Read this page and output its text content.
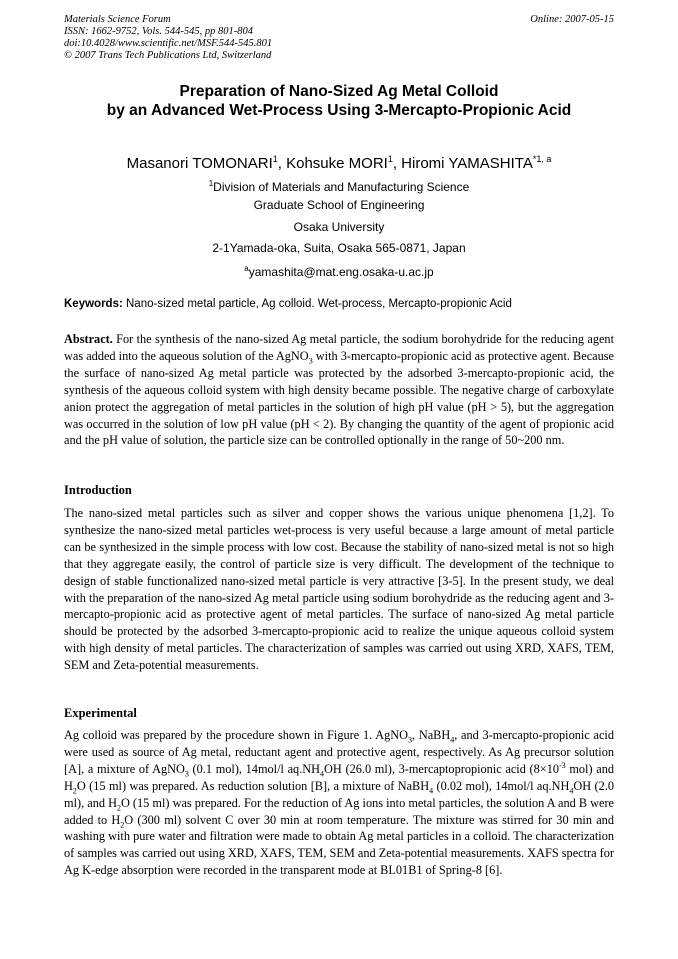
Materials Science Forum
ISSN: 1662-9752, Vols. 544-545, pp 801-804
doi:10.4028/www.scientific.net/MSF.544-545.801
© 2007 Trans Tech Publications Ltd, Switzerland
Online: 2007-05-15
Preparation of Nano-Sized Ag Metal Colloid
by an Advanced Wet-Process Using 3-Mercapto-Propionic Acid
Masanori TOMONARI$^1$, Kohsuke MORI$^1$, Hiromi YAMASHITA$^{*1, a}$
$^1$Division of Materials and Manufacturing Science
Graduate School of Engineering
Osaka University
2-1Yamada-oka, Suita, Osaka 565-0871, Japan
$^a$yamashita@mat.eng.osaka-u.ac.jp
Keywords: Nano-sized metal particle, Ag colloid. Wet-process, Mercapto-propionic Acid
Abstract. For the synthesis of the nano-sized Ag metal particle, the sodium borohydride for the reducing agent was added into the aqueous solution of the AgNO$_3$ with 3-mercapto-propionic acid as protective agent. Because the surface of nano-sized Ag metal particle was protected by the adsorbed 3-mercapto-propionic acid, the synthesis of the aqueous colloid system with high density became possible. The negative charge of carboxylate anion protect the aggregation of metal particles in the solution of high pH value (pH > 5), but the aggregation was occurred in the solution of low pH value (pH < 2). By changing the quantity of the agent of propionic acid and the pH value of solution, the particle size can be controlled optionally in the range of 50~200 nm.
Introduction
The nano-sized metal particles such as silver and copper shows the various unique phenomena [1,2]. To synthesize the nano-sized metal particles wet-process is very useful because a large amount of metal particle can be synthesized in the simple process with low cost. Because the stability of nano-sized metal is not so high that they aggregate easily, the control of particle size is very difficult. The development of the technique to design of stable functionalized nano-sized metal particle is very attractive [3-5]. In the present study, we deal with the preparation of the nano-sized Ag metal particle using sodium borohydride as the reducing agent and 3-mercapto-propionic acid as protective agent of metal particles. The surface of nano-sized Ag metal particle should be protected by the adsorbed 3-mercapto-propionic acid to realize the unique aqueous colloid system with high density of metal particles. The characterization of samples was carried out using XRD, XAFS, TEM, SEM and Zeta-potential measurements.
Experimental
Ag colloid was prepared by the procedure shown in Figure 1. AgNO$_3$, NaBH$_4$, and 3-mercapto-propionic acid were used as source of Ag metal, reductant agent and protective agent, respectively. As Ag precursor solution [A], a mixture of AgNO$_3$ (0.1 mol), 14mol/l $aq.NH_4OH$ (26.0 ml), 3-mercaptopropionic acid ($8\times 10^{-3}$ mol) and $H_2O$ (15 ml) was prepared. As reduction solution [B], a mixture of NaBH$_4$ (0.02 mol), 14mol/l $aq.NH_4OH$ (2.0 ml), and $H_2O$ (15 ml) was prepared. For the reduction of Ag ions into metal particles, the solution A and B were added to $H_2O$ (300 ml) solvent C over 30 min at room temperature. The mixture was stirred for 30 min and washing with pure water and filtration were made to obtain Ag metal particles in a colloid. The characterization of samples was carried out using XRD, XAFS, TEM, SEM and Zeta-potential measurements. XAFS spectra for Ag K-edge absorption were recorded in the transparent mode at BL01B1 of Spring-8 [6].
